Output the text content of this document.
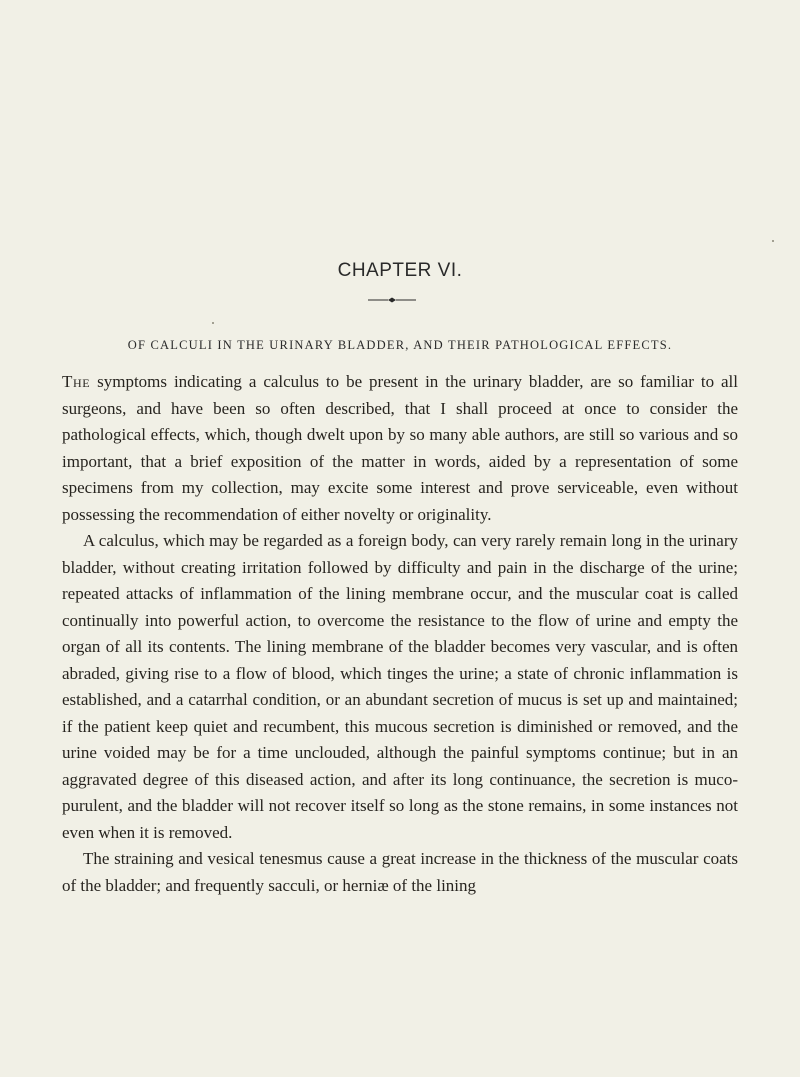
CHAPTER VI.
OF CALCULI IN THE URINARY BLADDER, AND THEIR PATHOLOGICAL EFFECTS.

The symptoms indicating a calculus to be present in the urinary bladder, are so familiar to all surgeons, and have been so often described, that I shall proceed at once to consider the pathological effects, which, though dwelt upon by so many able authors, are still so various and so important, that a brief exposition of the matter in words, aided by a representation of some specimens from my collection, may excite some interest and prove serviceable, even without possessing the recommendation of either novelty or originality.

A calculus, which may be regarded as a foreign body, can very rarely remain long in the urinary bladder, without creating irritation followed by difficulty and pain in the discharge of the urine; repeated attacks of inflammation of the lining membrane occur, and the muscular coat is called continually into powerful action, to overcome the resistance to the flow of urine and empty the organ of all its contents. The lining membrane of the bladder becomes very vascular, and is often abraded, giving rise to a flow of blood, which tinges the urine; a state of chronic inflammation is established, and a catarrhal condition, or an abundant secretion of mucus is set up and maintained; if the patient keep quiet and recumbent, this mucous secretion is diminished or removed, and the urine voided may be for a time unclouded, although the painful symptoms continue; but in an aggravated degree of this diseased action, and after its long continuance, the secretion is muco-purulent, and the bladder will not recover itself so long as the stone remains, in some instances not even when it is removed.

The straining and vesical tenesmus cause a great increase in the thickness of the muscular coats of the bladder; and frequently sacculi, or herniæ of the lining
